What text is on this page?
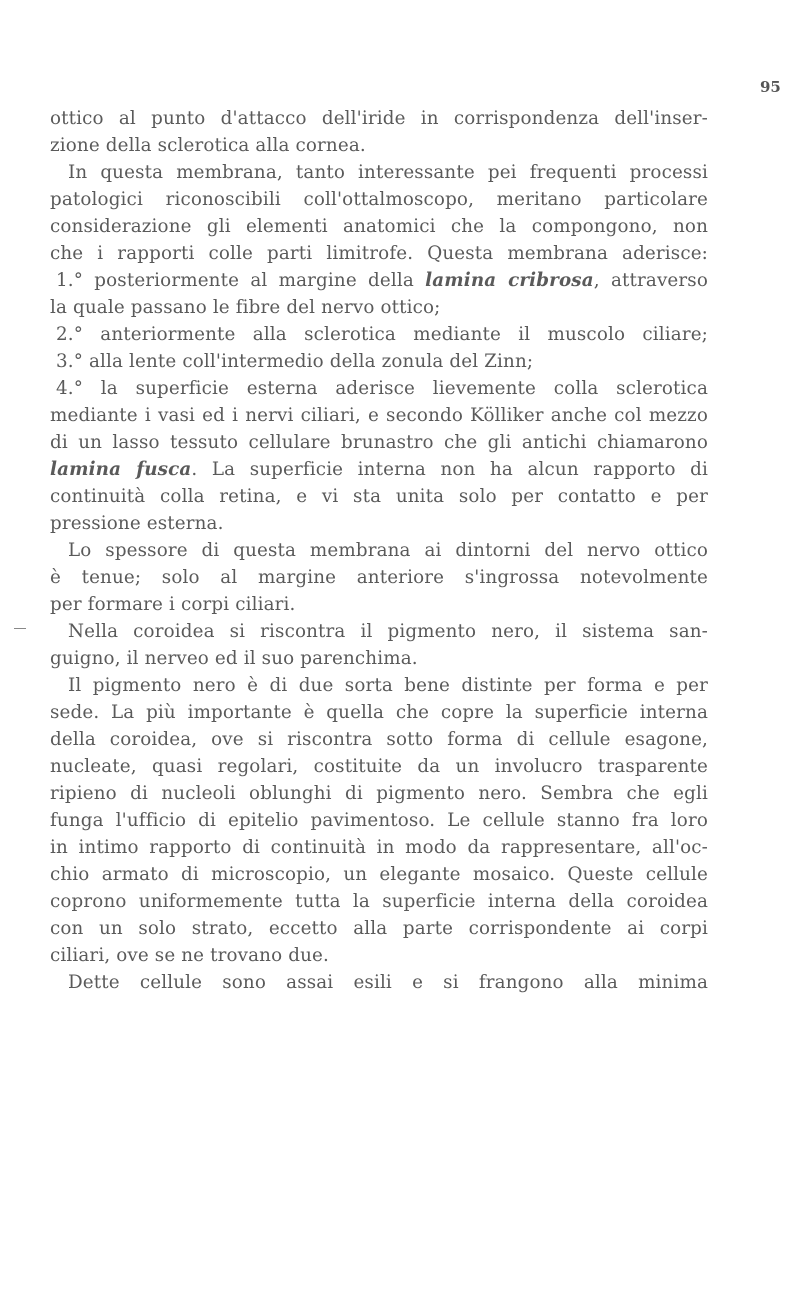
95
ottico al punto d'attacco dell'iride in corrispondenza dell'inser-
zione della sclerotica alla cornea.
In questa membrana, tanto interessante pei frequenti processi
patologici riconoscibili coll'ottalmoscopo, meritano particolare
considerazione gli elementi anatomici che la compongono, non
che i rapporti colle parti limitrofe. Questa membrana aderisce:
1.° posteriormente al margine della lamina cribrosa, attraverso
la quale passano le fibre del nervo ottico;
2.° anteriormente alla sclerotica mediante il muscolo ciliare;
3.° alla lente coll'intermedio della zonula del Zinn;
4.° la superficie esterna aderisce lievemente colla sclerotica
mediante i vasi ed i nervi ciliari, e secondo Kölliker anche col mezzo
di un lasso tessuto cellulare brunastro che gli antichi chiamarono
lamina fusca. La superficie interna non ha alcun rapporto di
continuità colla retina, e vi sta unita solo per contatto e per
pressione esterna.
Lo spessore di questa membrana ai dintorni del nervo ottico
è tenue; solo al margine anteriore s'ingrossa notevolmente
per formare i corpi ciliari.
Nella coroidea si riscontra il pigmento nero, il sistema san-
guigno, il nerveo ed il suo parenchima.
Il pigmento nero è di due sorta bene distinte per forma e per
sede. La più importante è quella che copre la superficie interna
della coroidea, ove si riscontra sotto forma di cellule esagone,
nucleate, quasi regolari, costituite da un involucro trasparente
ripieno di nucleoli oblunghi di pigmento nero. Sembra che egli
funga l'ufficio di epitelio pavimentoso. Le cellule stanno fra loro
in intimo rapporto di continuità in modo da rappresentare, all'oc-
chio armato di microscopio, un elegante mosaico. Queste cellule
coprono uniformemente tutta la superficie interna della coroidea
con un solo strato, eccetto alla parte corrispondente ai corpi
ciliari, ove se ne trovano due.
Dette cellule sono assai esili e si frangono alla minima
